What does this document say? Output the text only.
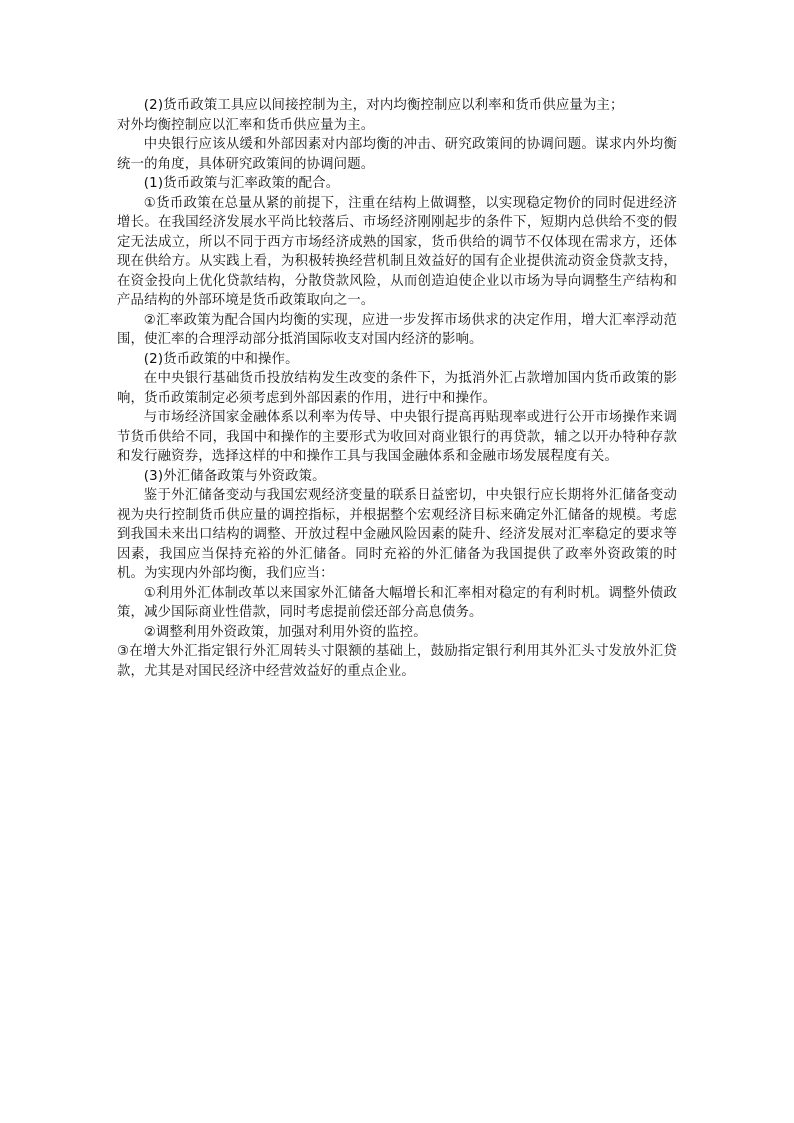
(2)货币政策工具应以间接控制为主，对内均衡控制应以利率和货币供应量为主；

对外均衡控制应以汇率和货币供应量为主。

中央银行应该从缓和外部因素对内部均衡的冲击、研究政策间的协调问题。谋求内外均衡统一的角度，具体研究政策间的协调问题。

(1)货币政策与汇率政策的配合。

①货币政策在总量从紧的前提下，注重在结构上做调整，以实现稳定物价的同时促进经济增长。在我国经济发展水平尚比较落后、市场经济刚刚起步的条件下，短期内总供给不变的假定无法成立，所以不同于西方市场经济成熟的国家，货币供给的调节不仅体现在需求方，还体现在供给方。从实践上看，为积极转换经营机制且效益好的国有企业提供流动资金贷款支持，在资金投向上优化贷款结构，分散贷款风险，从而创造迫使企业以市场为导向调整生产结构和产品结构的外部环境是货币政策取向之一。

②汇率政策为配合国内均衡的实现，应进一步发挥市场供求的决定作用，增大汇率浮动范围，使汇率的合理浮动部分抵消国际收支对国内经济的影响。

(2)货币政策的中和操作。

在中央银行基础货币投放结构发生改变的条件下，为抵消外汇占款增加国内货币政策的影响，货币政策制定必须考虑到外部因素的作用，进行中和操作。

与市场经济国家金融体系以利率为传导、中央银行提高再贴现率或进行公开市场操作来调节货币供给不同，我国中和操作的主要形式为收回对商业银行的再贷款，辅之以开办特种存款和发行融资券，选择这样的中和操作工具与我国金融体系和金融市场发展程度有关。

(3)外汇储备政策与外资政策。

鉴于外汇储备变动与我国宏观经济变量的联系日益密切，中央银行应长期将外汇储备变动视为央行控制货币供应量的调控指标，并根据整个宏观经济目标来确定外汇储备的规模。考虑到我国未来出口结构的调整、开放过程中金融风险因素的陡升、经济发展对汇率稳定的要求等因素，我国应当保持充裕的外汇储备。同时充裕的外汇储备为我国提供了政率外资政策的时机。为实现内外部均衡，我们应当：

①利用外汇体制改革以来国家外汇储备大幅增长和汇率相对稳定的有利时机。调整外债政策，减少国际商业性借款，同时考虑提前偿还部分高息债务。

②调整利用外资政策，加强对利用外资的监控。

③在增大外汇指定银行外汇周转头寸限额的基础上，鼓励指定银行利用其外汇头寸发放外汇贷款，尤其是对国民经济中经营效益好的重点企业。
